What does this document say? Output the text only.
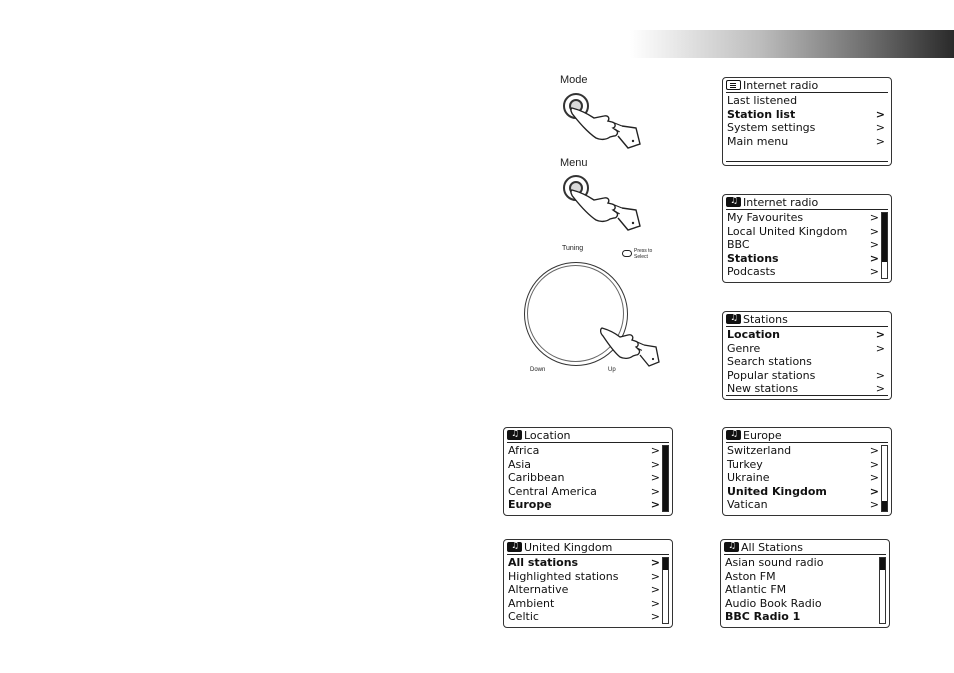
Mode
Menu
Tuning	Press to Select
Down	Up
Internet radio
Last listened
Station list	>
System settings	>
Main menu	>
♫Internet radio
My Favourites	>
Local United Kingdom >
BBC	>
Stations	>
Podcasts	>
♫Stations
Location	>
Genre	>
Search stations
Popular stations	>
New stations	>
♫Location
Africa	>
Asia	>
Caribbean	>
Central America	>
Europe	>
♫Europe
Switzerland	>
Turkey	>
Ukraine	>
United Kingdom	>
Vatican	>
♫United Kingdom
All stations	>
Highlighted stations	>
Alternative	>
Ambient	>
Celtic	>
♫All Stations
Asian sound radio
Aston FM
Atlantic FM
Audio Book Radio
BBC Radio 1
